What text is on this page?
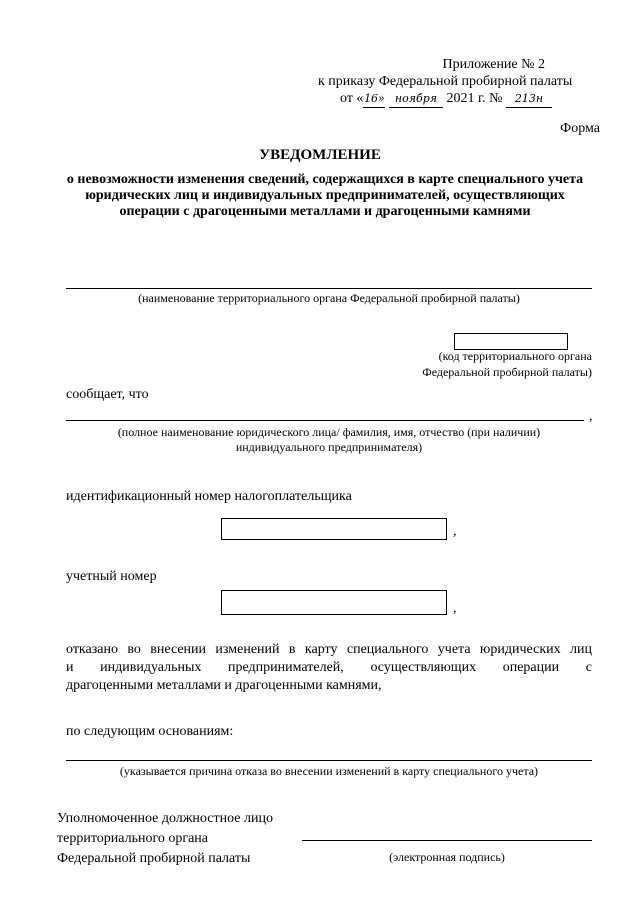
Приложение № 2
к приказу Федеральной пробирной палаты
от «16» ноября 2021 г. № 213н
Форма
УВЕДОМЛЕНИЕ
о невозможности изменения сведений, содержащихся в карте специального учета юридических лиц и индивидуальных предпринимателей, осуществляющих операции с драгоценными металлами и драгоценными камнями
(наименование территориального органа Федеральной пробирной палаты)
(код территориального органа
Федеральной пробирной палаты)
сообщает, что
,
(полное наименование юридического лица/ фамилия, имя, отчество (при наличии)
индивидуального предпринимателя)
идентификационный номер налогоплательщика
,
учетный номер
,
отказано во внесении изменений в карту специального учета юридических лиц
и индивидуальных предпринимателей, осуществляющих операции с
драгоценными металлами и драгоценными камнями,
по следующим основаниям:
(указывается причина отказа во внесении изменений в карту специального учета)
Уполномоченное должностное лицо
территориального органа
Федеральной пробирной палаты	(электронная подпись)
